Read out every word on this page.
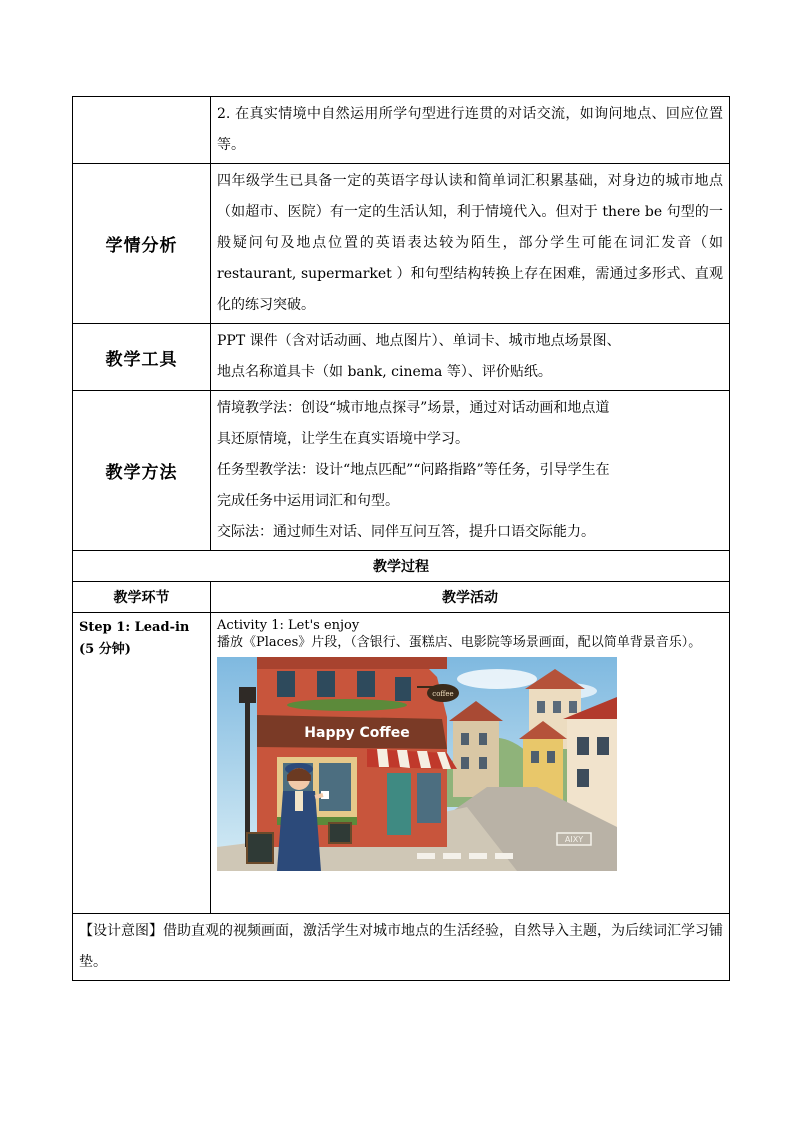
	2. 在真实情境中自然运用所学句型进行连贯的对话交流，如询问地点、回应位置等。
学情分析	四年级学生已具备一定的英语字母认读和简单词汇积累基础，对身边的城市地点（如超市、医院）有一定的生活认知，利于情境代入。但对于 there be 句型的一般疑问句及地点位置的英语表达较为陌生，部分学生可能在词汇发音（如 restaurant, supermarket ）和句型结构转换上存在困难，需通过多形式、直观化的练习突破。
教学工具	PPT 课件（含对话动画、地点图片）、单词卡、城市地点场景图、

地点名称道具卡（如 bank, cinema 等）、评价贴纸。

教学方法	情境教学法：创设“城市地点探寻”场景，通过对话动画和地点道

具还原情境，让学生在真实语境中学习。

任务型教学法：设计“地点匹配”“问路指路”等任务，引导学生在

完成任务中运用词汇和句型。

交际法：通过师生对话、同伴互问互答，提升口语交际能力。

教学过程	
教学环节	教学活动
Step 1: Lead-in (5 分钟)	Activity 1: Let's enjoy

播放《Places》片段，（含银行、蛋糕店、电影院等场景画面，配以简单背景音乐）。

AIXY
Happy Coffee
coffee

【设计意图】借助直观的视频画面，激活学生对城市地点的生活经验，自然导入主题，为后续词汇学习铺垫。	
